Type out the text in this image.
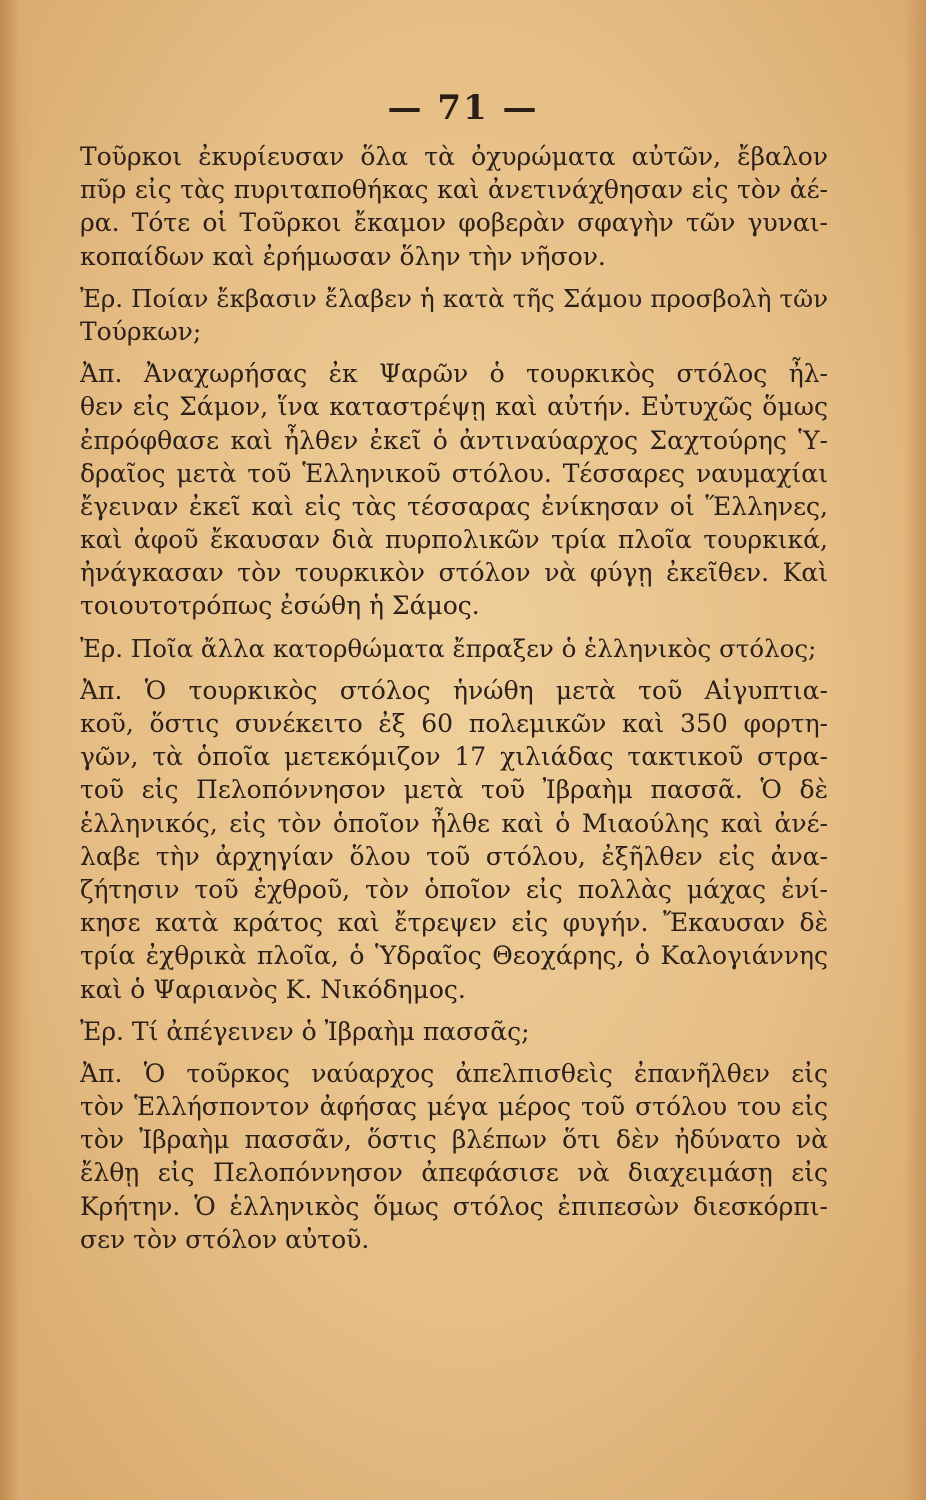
— 71 —
Τοῦρκοι ἐκυρίευσαν ὅλα τὰ ὀχυρώματα αὐτῶν, ἔβαλον
πῦρ εἰς τὰς πυριταποθήκας καὶ ἀνετινάχθησαν εἰς τὸν ἀέ-
ρα. Τότε οἱ Τοῦρκοι ἔκαμον φοβερὰν σφαγὴν τῶν γυναι-
κοπαίδων καὶ ἐρήμωσαν ὅλην τὴν νῆσον.
Ἐρ. Ποίαν ἔκβασιν ἔλαβεν ἡ κατὰ τῆς Σάμου προσβολὴ τῶν
Τούρκων;
Ἀπ. Ἀναχωρήσας ἐκ Ψαρῶν ὁ τουρκικὸς στόλος ἦλ-
θεν εἰς Σάμον, ἵνα καταστρέψῃ καὶ αὐτήν. Εὐτυχῶς ὅμως
ἐπρόφθασε καὶ ἦλθεν ἐκεῖ ὁ ἀντιναύαρχος Σαχτούρης Ὑ-
δραῖος μετὰ τοῦ Ἑλληνικοῦ στόλου. Τέσσαρες ναυμαχίαι
ἔγειναν ἐκεῖ καὶ εἰς τὰς τέσσαρας ἐνίκησαν οἱ Ἕλληνες,
καὶ ἀφοῦ ἔκαυσαν διὰ πυρπολικῶν τρία πλοῖα τουρκικά,
ἠνάγκασαν τὸν τουρκικὸν στόλον νὰ φύγῃ ἐκεῖθεν. Καὶ
τοιουτοτρόπως ἐσώθη ἡ Σάμος.
Ἐρ. Ποῖα ἄλλα κατορθώματα ἔπραξεν ὁ ἑλληνικὸς στόλος;
Ἀπ. Ὁ τουρκικὸς στόλος ἡνώθη μετὰ τοῦ Αἰγυπτια-
κοῦ, ὅστις συνέκειτο ἐξ 60 πολεμικῶν καὶ 350 φορτη-
γῶν, τὰ ὁποῖα μετεκόμιζον 17 χιλιάδας τακτικοῦ στρα-
τοῦ εἰς Πελοπόννησον μετὰ τοῦ Ἰβραὴμ πασσᾶ. Ὁ δὲ
ἑλληνικός, εἰς τὸν ὁποῖον ἦλθε καὶ ὁ Μιαούλης καὶ ἀνέ-
λαβε τὴν ἀρχηγίαν ὅλου τοῦ στόλου, ἐξῆλθεν εἰς ἀνα-
ζήτησιν τοῦ ἐχθροῦ, τὸν ὁποῖον εἰς πολλὰς μάχας ἐνί-
κησε κατὰ κράτος καὶ ἔτρεψεν εἰς φυγήν. Ἔκαυσαν δὲ
τρία ἐχθρικὰ πλοῖα, ὁ Ὑδραῖος Θεοχάρης, ὁ Καλογιάννης
καὶ ὁ Ψαριανὸς Κ. Νικόδημος.
Ἐρ. Τί ἀπέγεινεν ὁ Ἰβραὴμ πασσᾶς;
Ἀπ. Ὁ τοῦρκος ναύαρχος ἀπελπισθεὶς ἐπανῆλθεν εἰς
τὸν Ἑλλήσποντον ἀφήσας μέγα μέρος τοῦ στόλου του εἰς
τὸν Ἰβραὴμ πασσᾶν, ὅστις βλέπων ὅτι δὲν ἠδύνατο νὰ
ἔλθῃ εἰς Πελοπόννησον ἀπεφάσισε νὰ διαχειμάσῃ εἰς
Κρήτην. Ὁ ἑλληνικὸς ὅμως στόλος ἐπιπεσὼν διεσκόρπι-
σεν τὸν στόλον αὐτοῦ.
